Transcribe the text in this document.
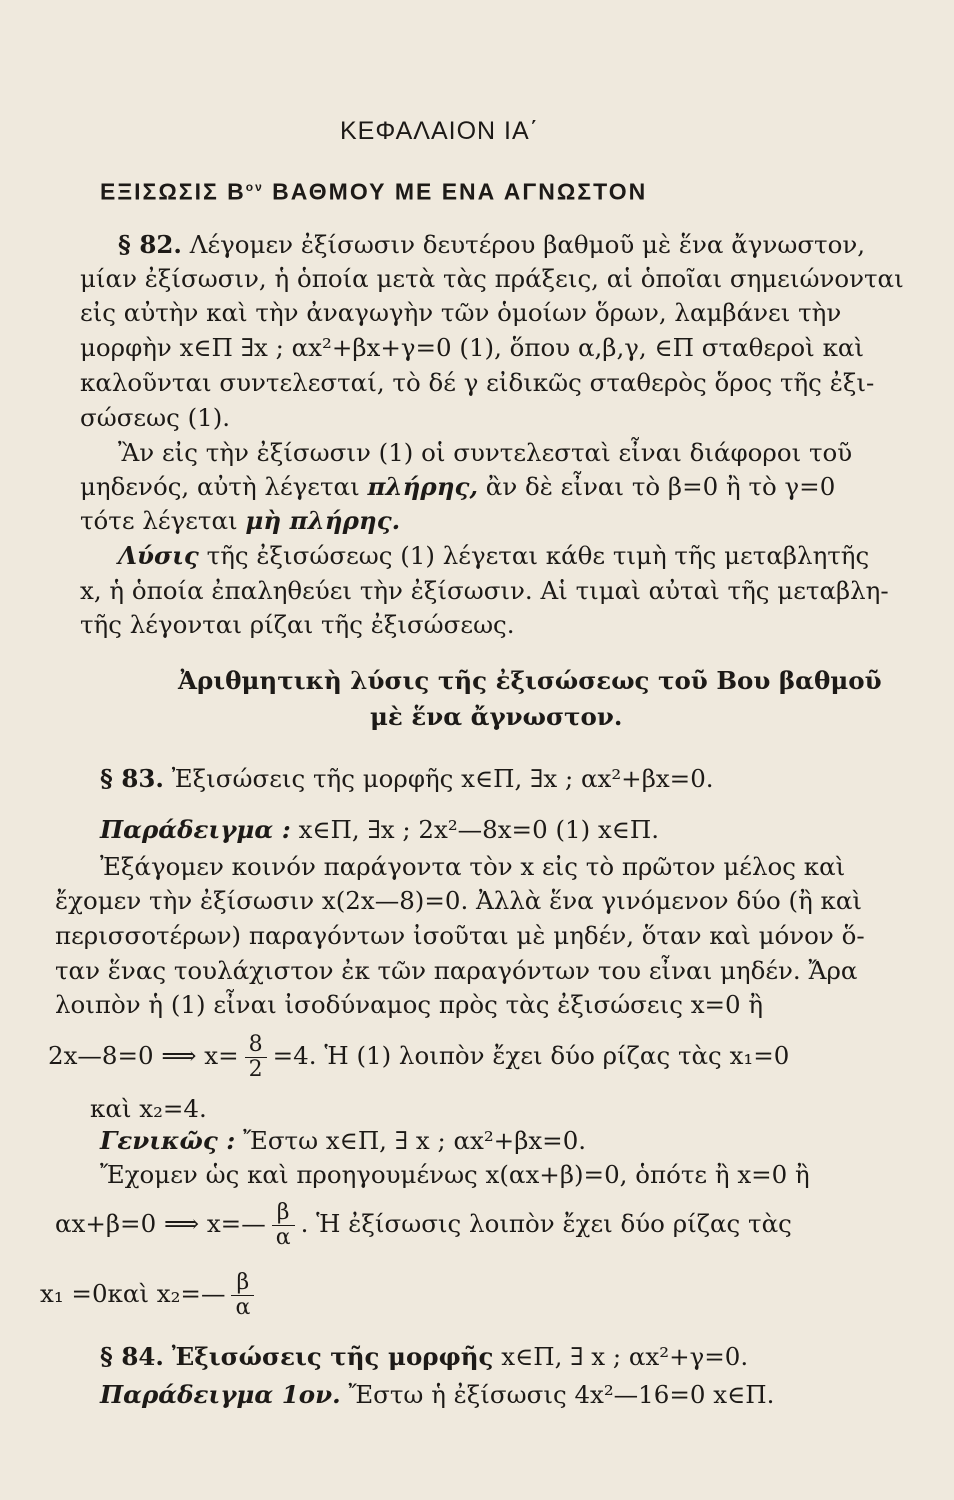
ΚΕΦΑΛΑΙΟΝ ΙΑ΄
ΕΞΙΣΩΣΙΣ $B^{o\nu}$ ΒΑΘΜΟΥ ΜΕ ΕΝΑ ΑΓΝΩΣΤΟΝ
§ 82. Λέγομεν ἐξίσωσιν δευτέρου βαθμοῦ μὲ ἕνα ἄγνωστον,
μίαν ἐξίσωσιν, ἡ ὁποία μετὰ τὰς πράξεις, αἱ ὁποῖαι σημειώνονται
εἰς αὐτὴν καὶ τὴν ἀναγωγὴν τῶν ὁμοίων ὅρων, λαμβάνει τὴν
μορφὴν x∈Π ∃x ; αx²+βx+γ=0 (1), ὅπου α,β,γ, ∈Π σταθεροὶ καὶ
καλοῦνται συντελεσταί, τὸ δέ γ εἰδικῶς σταθερὸς ὅρος τῆς ἐξι-
σώσεως (1).
Ἂν εἰς τὴν ἐξίσωσιν (1) οἱ συντελεσταὶ εἶναι διάφοροι τοῦ
μηδενός, αὐτὴ λέγεται πλήρης, ἂν δὲ εἶναι τὸ β=0 ἢ τὸ γ=0
τότε λέγεται μὴ πλήρης.
Λύσις τῆς ἐξισώσεως (1) λέγεται κάθε τιμὴ τῆς μεταβλητῆς
x, ἡ ὁποία ἐπαληθεύει τὴν ἐξίσωσιν. Αἱ τιμαὶ αὐταὶ τῆς μεταβλη-
τῆς λέγονται ρίζαι τῆς ἐξισώσεως.
Ἀριθμητικὴ λύσις τῆς ἐξισώσεως τοῦ Βου βαθμοῦ
μὲ ἕνα ἄγνωστον.
§ 83. Ἐξισώσεις τῆς μορφῆς x∈Π, ∃x ; αx²+βx=0.
Παράδειγμα : x∈Π, ∃x ; 2x²—8x=0 (1) x∈Π.
Ἐξάγομεν κοινόν παράγοντα τὸν x εἰς τὸ πρῶτον μέλος καὶ
ἔχομεν τὴν ἐξίσωσιν x(2x—8)=0. Ἀλλὰ ἕνα γινόμενον δύο (ἢ καὶ
περισσοτέρων) παραγόντων ἰσοῦται μὲ μηδέν, ὅταν καὶ μόνον ὅ-
ταν ἕνας τουλάχιστον ἐκ τῶν παραγόντων του εἶναι μηδέν. Ἄρα
λοιπὸν ἡ (1) εἶναι ἰσοδύναμος πρὸς τὰς ἐξισώσεις x=0 ἢ
2x—8=0 ⟹ $x= \frac{8}{2} =4$. Ἡ (1) λοιπὸν ἔχει δύο ρίζας τὰς x₁=0
καὶ x₂=4.
Γενικῶς : Ἔστω x∈Π, ∃ x ; αx²+βx=0.
Ἔχομεν ὡς καὶ προηγουμένως x(αx+β)=0, ὁπότε ἢ x=0 ἢ
αx+β=0 ⟹ x=— $\frac{\beta}{\alpha}$ . Ἡ ἐξίσωσις λοιπὸν ἔχει δύο ρίζας τὰς
x₁ =0καὶ x₂=— $\frac{\beta}{\alpha}$
§ 84. Ἐξισώσεις τῆς μορφῆς x∈Π, ∃ x ; αx²+γ=0.
Παράδειγμα 1ον. Ἔστω ἡ ἐξίσωσις 4x²—16=0 x∈Π.
